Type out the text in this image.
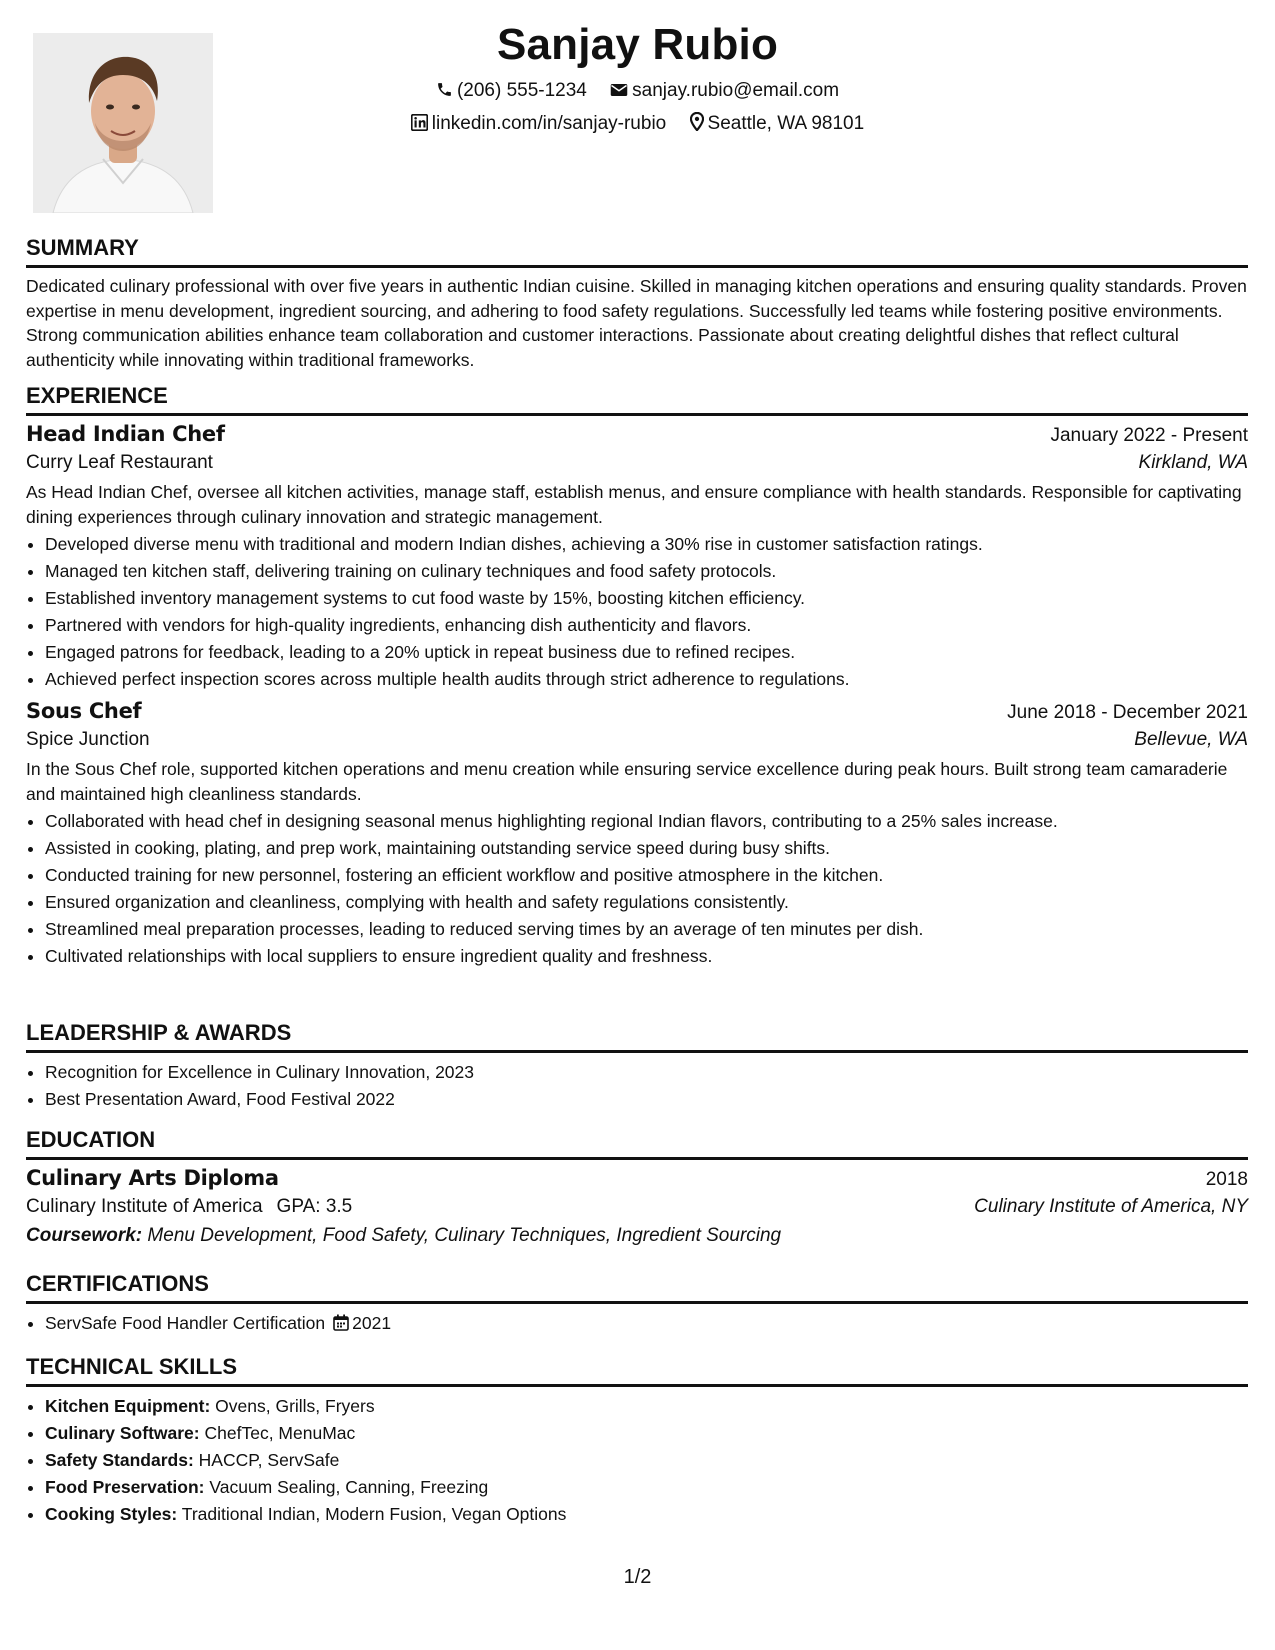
Sanjay Rubio
(206) 555-1234 sanjay.rubio@email.com
linkedin.com/in/sanjay-rubio Seattle, WA 98101
SUMMARY

Dedicated culinary professional with over five years in authentic Indian cuisine. Skilled in managing kitchen operations and ensuring quality standards. Proven expertise in menu development, ingredient sourcing, and adhering to food safety regulations. Successfully led teams while fostering positive environments. Strong communication abilities enhance team collaboration and customer interactions. Passionate about creating delightful dishes that reflect cultural authenticity while innovating within traditional frameworks.

EXPERIENCE
Head Indian Chef	January 2022 - Present
Curry Leaf Restaurant	Kirkland, WA

As Head Indian Chef, oversee all kitchen activities, manage staff, establish menus, and ensure compliance with health standards. Responsible for captivating dining experiences through culinary innovation and strategic management.

• Developed diverse menu with traditional and modern Indian dishes, achieving a 30% rise in customer satisfaction ratings.
• Managed ten kitchen staff, delivering training on culinary techniques and food safety protocols.
• Established inventory management systems to cut food waste by 15%, boosting kitchen efficiency.
• Partnered with vendors for high-quality ingredients, enhancing dish authenticity and flavors.
• Engaged patrons for feedback, leading to a 20% uptick in repeat business due to refined recipes.
• Achieved perfect inspection scores across multiple health audits through strict adherence to regulations.
Sous Chef	June 2018 - December 2021
Spice Junction	Bellevue, WA

In the Sous Chef role, supported kitchen operations and menu creation while ensuring service excellence during peak hours. Built strong team camaraderie and maintained high cleanliness standards.

• Collaborated with head chef in designing seasonal menus highlighting regional Indian flavors, contributing to a 25% sales increase.
• Assisted in cooking, plating, and prep work, maintaining outstanding service speed during busy shifts.
• Conducted training for new personnel, fostering an efficient workflow and positive atmosphere in the kitchen.
• Ensured organization and cleanliness, complying with health and safety regulations consistently.
• Streamlined meal preparation processes, leading to reduced serving times by an average of ten minutes per dish.
• Cultivated relationships with local suppliers to ensure ingredient quality and freshness.
LEADERSHIP & AWARDS
• Recognition for Excellence in Culinary Innovation, 2023
• Best Presentation Award, Food Festival 2022
EDUCATION
Culinary Arts Diploma	2018
Culinary Institute of America GPA: 3.5	Culinary Institute of America, NY
Coursework: Menu Development, Food Safety, Culinary Techniques, Ingredient Sourcing
CERTIFICATIONS
• ServSafe Food Handler Certification 2021
TECHNICAL SKILLS
• Kitchen Equipment: Ovens, Grills, Fryers
• Culinary Software: ChefTec, MenuMac
• Safety Standards: HACCP, ServSafe
• Food Preservation: Vacuum Sealing, Canning, Freezing
• Cooking Styles: Traditional Indian, Modern Fusion, Vegan Options
1/2
